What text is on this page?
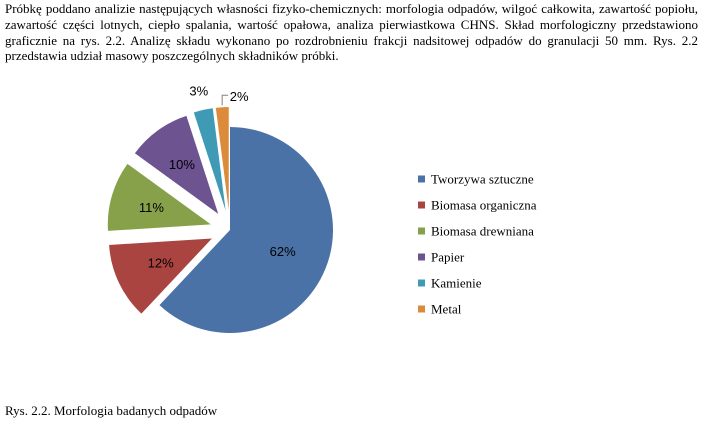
Próbkę poddano analizie następujących własności fizyko-chemicznych: morfologia odpadów, wilgoć całkowita, zawartość popiołu, zawartość części lotnych, ciepło spalania, wartość opałowa, analiza pierwiastkowa CHNS. Skład morfologiczny przedstawiono graficznie na rys. 2.2. Analizę składu wykonano po rozdrobnieniu frakcji nadsitowej odpadów do granulacji 50 mm. Rys. 2.2 przedstawia udział masowy poszczególnych składników próbki.

62%
12%
11%
10%
3% 2%
Tworzywa sztuczne
Biomasa organiczna
Biomasa drewniana
Papier
Kamienie
Metal

Rys. 2.2. Morfologia badanych odpadów
